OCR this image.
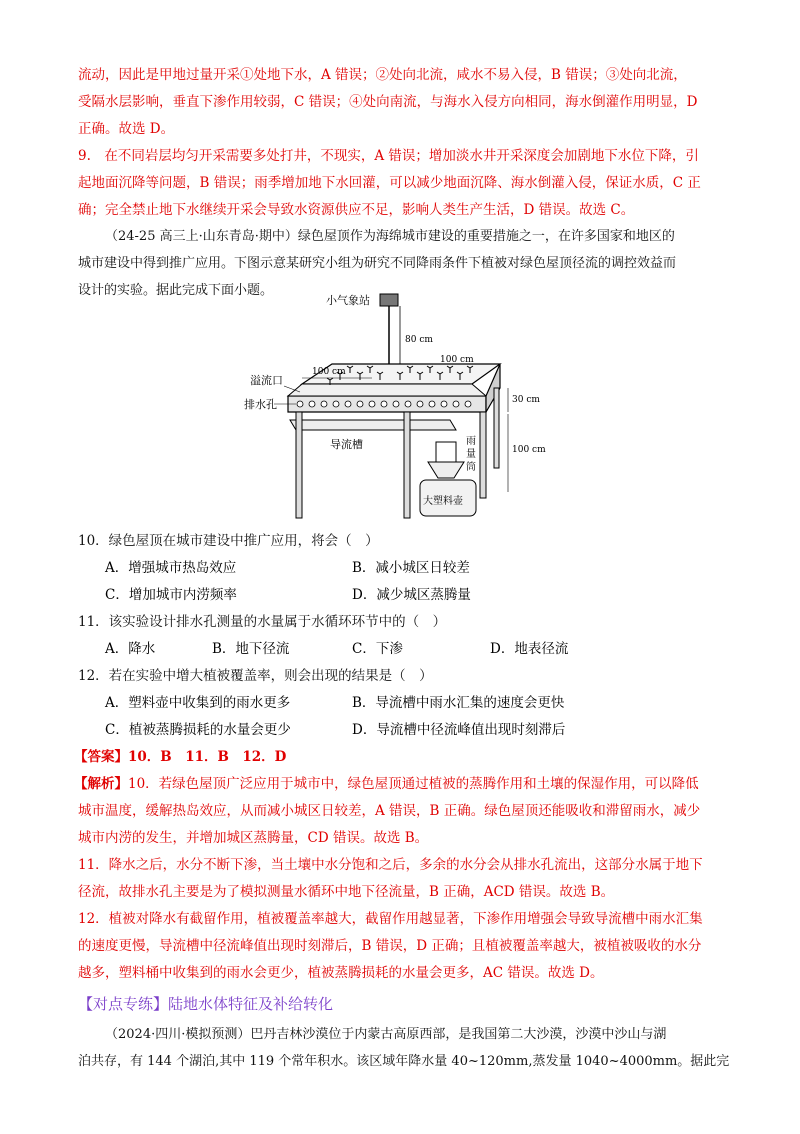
流动，因此是甲地过量开采①处地下水，A 错误；②处向北流，咸水不易入侵，B 错误；③处向北流，
受隔水层影响，垂直下渗作用较弱，C 错误；④处向南流，与海水入侵方向相同，海水倒灌作用明显，D
正确。故选 D。
9.　在不同岩层均匀开采需要多处打井，不现实，A 错误；增加淡水井开采深度会加剧地下水位下降，引
起地面沉降等问题，B 错误；雨季增加地下水回灌，可以减少地面沉降、海水倒灌入侵，保证水质，C 正
确；完全禁止地下水继续开采会导致水资源供应不足，影响人类生产生活，D 错误。故选 C。
（24-25 高三上·山东青岛·期中）绿色屋顶作为海绵城市建设的重要措施之一，在许多国家和地区的
城市建设中得到推广应用。下图示意某研究小组为研究不同降雨条件下植被对绿色屋顶径流的调控效益而
设计的实验。据此完成下面小题。
小气象站
80 cm
100 cm
100 cm
溢流口
排水孔	30 cm
导流槽	100 cm
雨
量
筒
大塑料壶
10．绿色屋顶在城市建设中推广应用，将会（　）
A．增强城市热岛效应	B．减小城区日较差
C．增加城市内涝频率	D．减少城区蒸腾量
11．该实验设计排水孔测量的水量属于水循环环节中的（　）
A．降水	B．地下径流	C．下渗	D．地表径流
12．若在实验中增大植被覆盖率，则会出现的结果是（　）
A．塑料壶中收集到的雨水更多	B．导流槽中雨水汇集的速度会更快
C．植被蒸腾损耗的水量会更少	D．导流槽中径流峰值出现时刻滞后
【答案】10．B　11．B　12．D
【解析】10．若绿色屋顶广泛应用于城市中，绿色屋顶通过植被的蒸腾作用和土壤的保湿作用，可以降低
城市温度，缓解热岛效应，从而减小城区日较差，A 错误，B 正确。绿色屋顶还能吸收和滞留雨水，减少
城市内涝的发生，并增加城区蒸腾量，CD 错误。故选 B。
11．降水之后，水分不断下渗，当土壤中水分饱和之后，多余的水分会从排水孔流出，这部分水属于地下
径流，故排水孔主要是为了模拟测量水循环中地下径流量，B 正确，ACD 错误。故选 B。
12．植被对降水有截留作用，植被覆盖率越大，截留作用越显著，下渗作用增强会导致导流槽中雨水汇集
的速度更慢，导流槽中径流峰值出现时刻滞后，B 错误，D 正确；且植被覆盖率越大，被植被吸收的水分
越多，塑料桶中收集到的雨水会更少，植被蒸腾损耗的水量会更多，AC 错误。故选 D。
【对点专练】陆地水体特征及补给转化
（2024·四川·模拟预测）巴丹吉林沙漠位于内蒙古高原西部，是我国第二大沙漠，沙漠中沙山与湖
泊共存，有 144 个湖泊,其中 119 个常年积水。该区域年降水量 40~120mm,蒸发量 1040~4000mm。据此完
